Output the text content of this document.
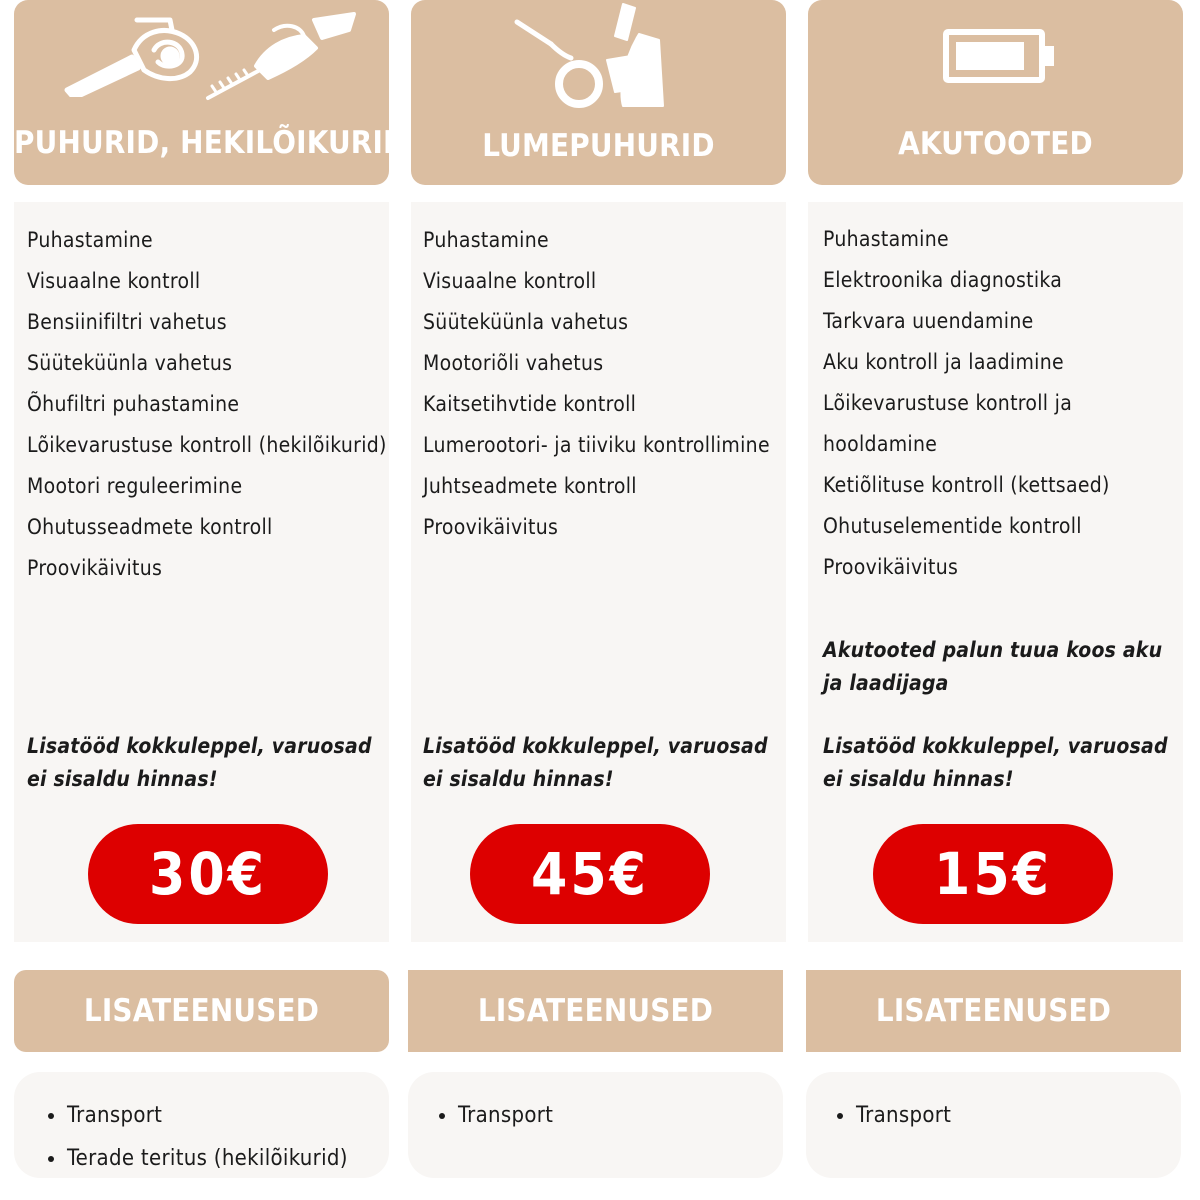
PUHURID, HEKILÕIKURID
Puhastamine
Visuaalne kontroll
Bensiinifiltri vahetus
Süüteküünla vahetus
Õhufiltri puhastamine
Lõikevarustuse kontroll (hekilõikurid)
Mootori reguleerimine
Ohutusseadmete kontroll
Proovikäivitus
Lisatööd kokkuleppel, varuosad ei sisaldu hinnas!
30€
LISATEENUSED
• Transport
• Terade teritus (hekilõikurid)
LUMEPUHURID
Puhastamine
Visuaalne kontroll
Süüteküünla vahetus
Mootoriõli vahetus
Kaitsetihvtide kontroll
Lumerootori- ja tiiviku kontrollimine
Juhtseadmete kontroll
Proovikäivitus
Lisatööd kokkuleppel, varuosad ei sisaldu hinnas!
45€
LISATEENUSED
• Transport
AKUTOOTED
Puhastamine
Elektroonika diagnostika
Tarkvara uuendamine
Aku kontroll ja laadimine
Lõikevarustuse kontroll ja
hooldamine
Ketiõlituse kontroll (kettsaed)
Ohutuselementide kontroll
Proovikäivitus
Akutooted palun tuua koos aku ja laadijaga
Lisatööd kokkuleppel, varuosad ei sisaldu hinnas!
15€
LISATEENUSED
• Transport
